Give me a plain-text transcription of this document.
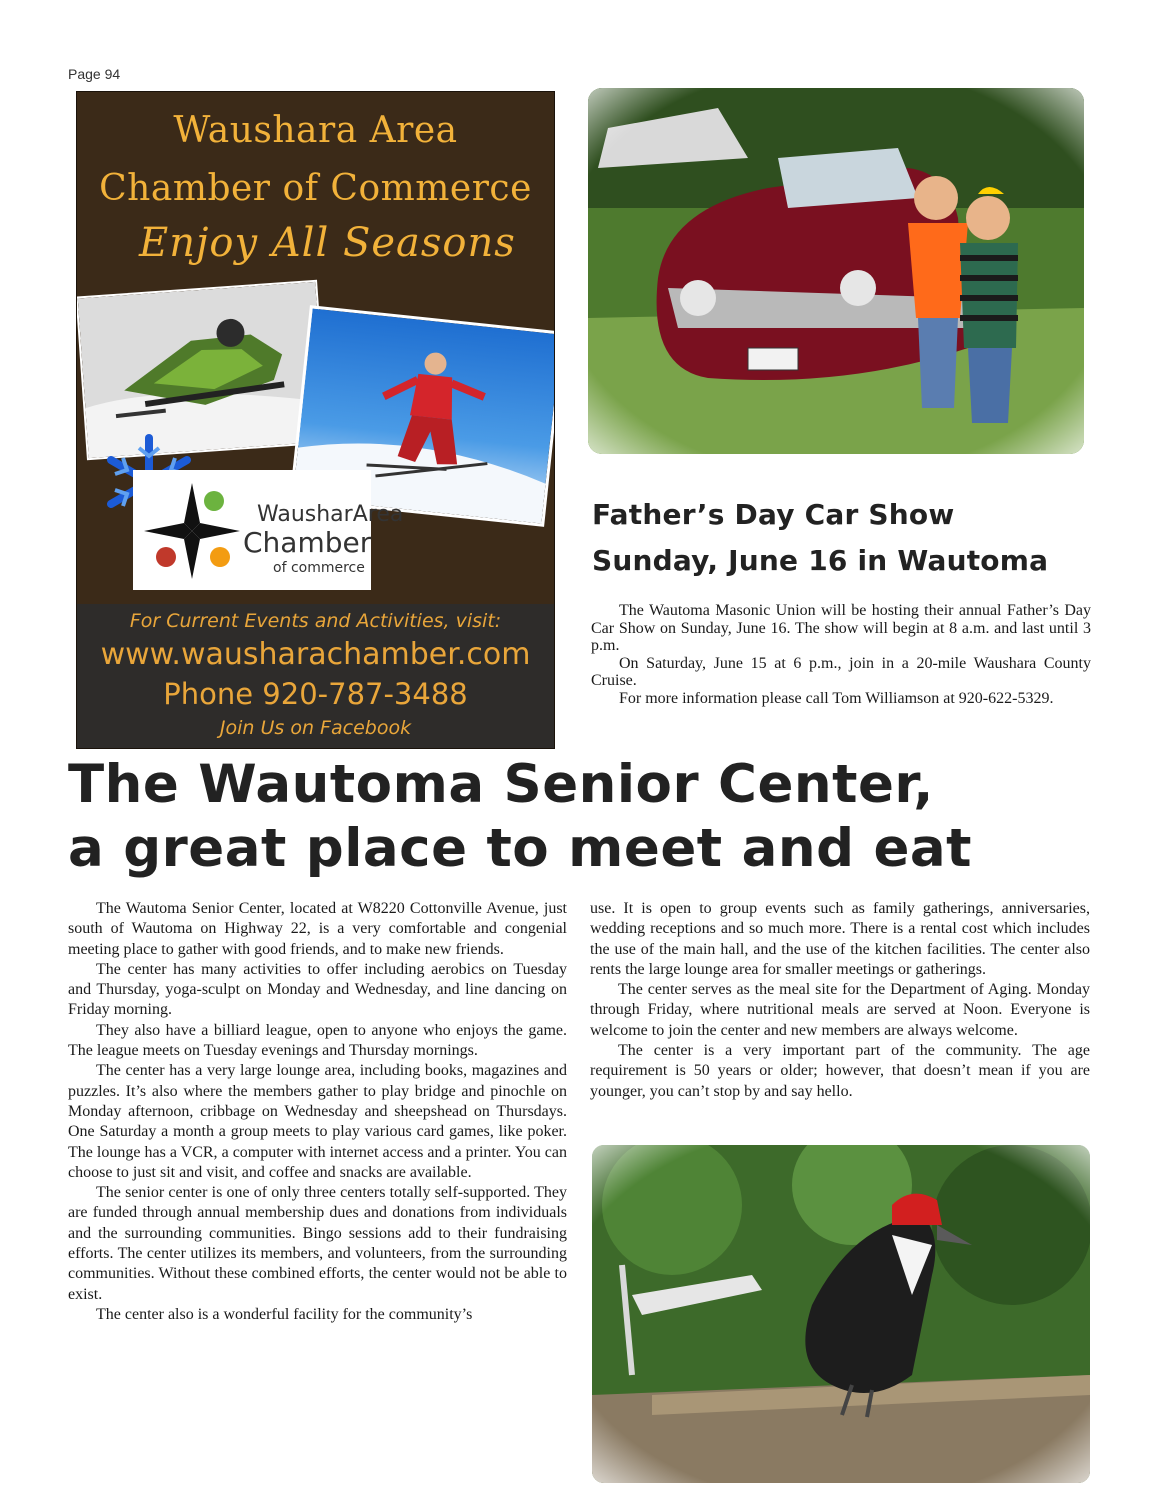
Page 94
Waushara Area
Chamber of Commerce
Enjoy All Seasons
WausharArea
Chamber
of commerce
For Current Events and Activities, visit:
www.wausharachamber.com
Phone 920-787-3488
Join Us on Facebook
Father’s Day Car Show
Sunday, June 16 in Wautoma

The Wautoma Masonic Union will be hosting their annual Father’s Day Car Show on Sunday, June 16. The show will begin at 8 a.m. and last until 3 p.m.

On Saturday, June 15 at 6 p.m., join in a 20-mile Waushara County Cruise.

For more information please call Tom Williamson at 920-622-5329.

The Wautoma Senior Center,
a great place to meet and eat

The Wautoma Senior Center, located at W8220 Cottonville Avenue, just south of Wautoma on Highway 22, is a very comfortable and congenial meeting place to gather with good friends, and to make new friends.

The center has many activities to offer including aerobics on Tuesday and Thursday, yoga-sculpt on Monday and Wednesday, and line dancing on Friday morning.

They also have a billiard league, open to anyone who enjoys the game. The league meets on Tuesday evenings and Thursday mornings.

The center has a very large lounge area, including books, magazines and puzzles. It’s also where the members gather to play bridge and pinochle on Monday afternoon, cribbage on Wednesday and sheepshead on Thursdays. One Saturday a month a group meets to play various card games, like poker. The lounge has a VCR, a computer with internet access and a printer. You can choose to just sit and visit, and coffee and snacks are available.

The senior center is one of only three centers totally self-supported. They are funded through annual membership dues and donations from individuals and the surrounding communities. Bingo sessions add to their fundraising efforts. The center utilizes its members, and volunteers, from the surrounding communities. Without these combined efforts, the center would not be able to exist.

The center also is a wonderful facility for the community’s

use. It is open to group events such as family gatherings, anniversaries, wedding receptions and so much more. There is a rental cost which includes the use of the main hall, and the use of the kitchen facilities. The center also rents the large lounge area for smaller meetings or gatherings.

The center serves as the meal site for the Department of Aging. Monday through Friday, where nutritional meals are served at Noon. Everyone is welcome to join the center and new members are always welcome.

The center is a very important part of the community. The age requirement is 50 years or older; however, that doesn’t mean if you are younger, you can’t stop by and say hello.
